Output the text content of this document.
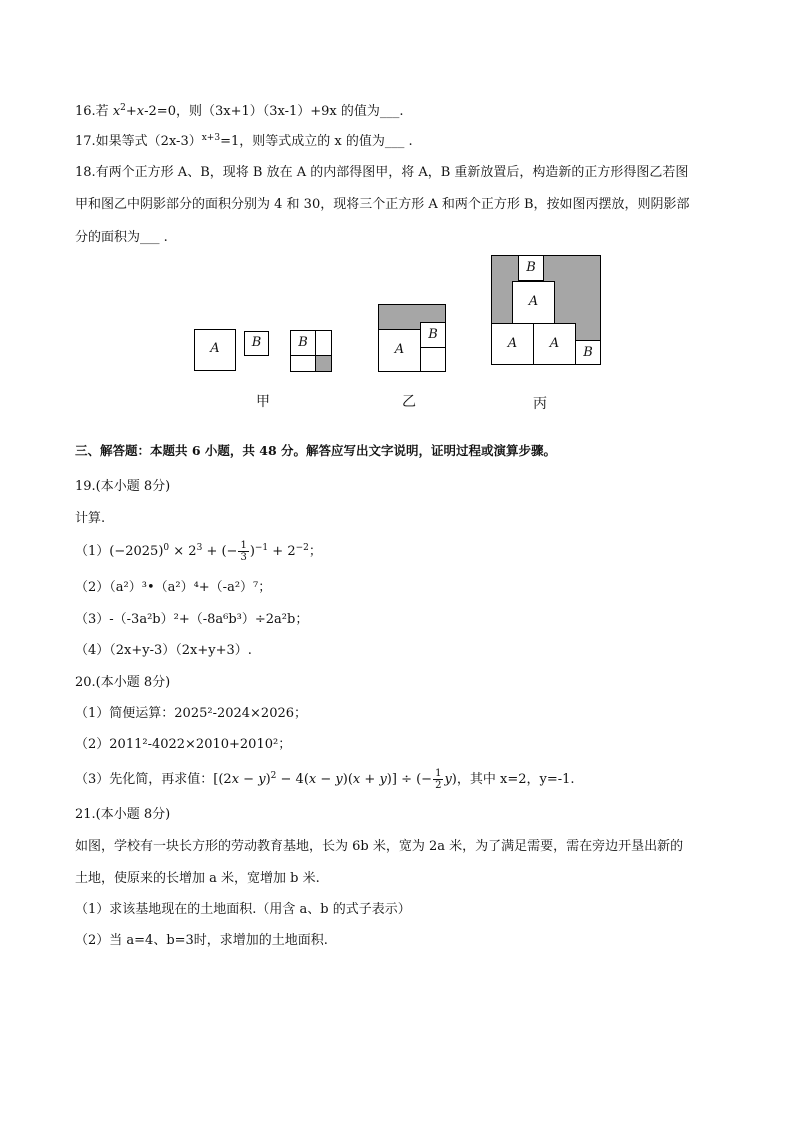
16.若 $x^2+x-2=0$，则（3x+1）（3x-1）+9x 的值为___.
17.如果等式$(2x-3)^{x+3}=1$，则等式成立的 x 的值为___ .
18.有两个正方形 A、B，现将 B 放在 A 的内部得图甲，将 A，B 重新放置后，构造新的正方形得图乙若图
甲和图乙中阴影部分的面积分别为 4 和 30，现将三个正方形 A 和两个正方形 B，按如图丙摆放，则阴影部
分的面积为___ .
A	B	B
甲
A
B
乙
B
A
A	A
B
丙
三、解答题：本题共 6 小题，共 48 分。解答应写出文字说明，证明过程或演算步骤。
19.(本小题 8分)
计算.
$(1)(-2025)^0 \times 2^3$ + (− $\frac{1}{3} )^{-1} + 2^{-2}$；
（2）（a²）³•（a²）⁴+（-a²）⁷；
（3）-（-3a²b）²+（-8a⁶b³）÷2a²b；
（4）（2x+y-3）（2x+y+3）.
20.(本小题 8分)
（1）简便运算：2025²-2024×2026；
（2）2011²-4022×2010+2010²；
（3）先化简，再求值：$[(2x - y)^2 - 4(x - y)(x + y)]$ ÷ (− $\frac{1}{2} y$)，其中 x=2，y=-1.
21.(本小题 8分)
如图，学校有一块长方形的劳动教育基地，长为 6b 米，宽为 2a 米，为了满足需要，需在旁边开垦出新的
土地，使原来的长增加 a 米，宽增加 b 米.
（1）求该基地现在的土地面积.（用含 a、b 的式子表示）
（2）当 a=4、b=3时，求增加的土地面积.
